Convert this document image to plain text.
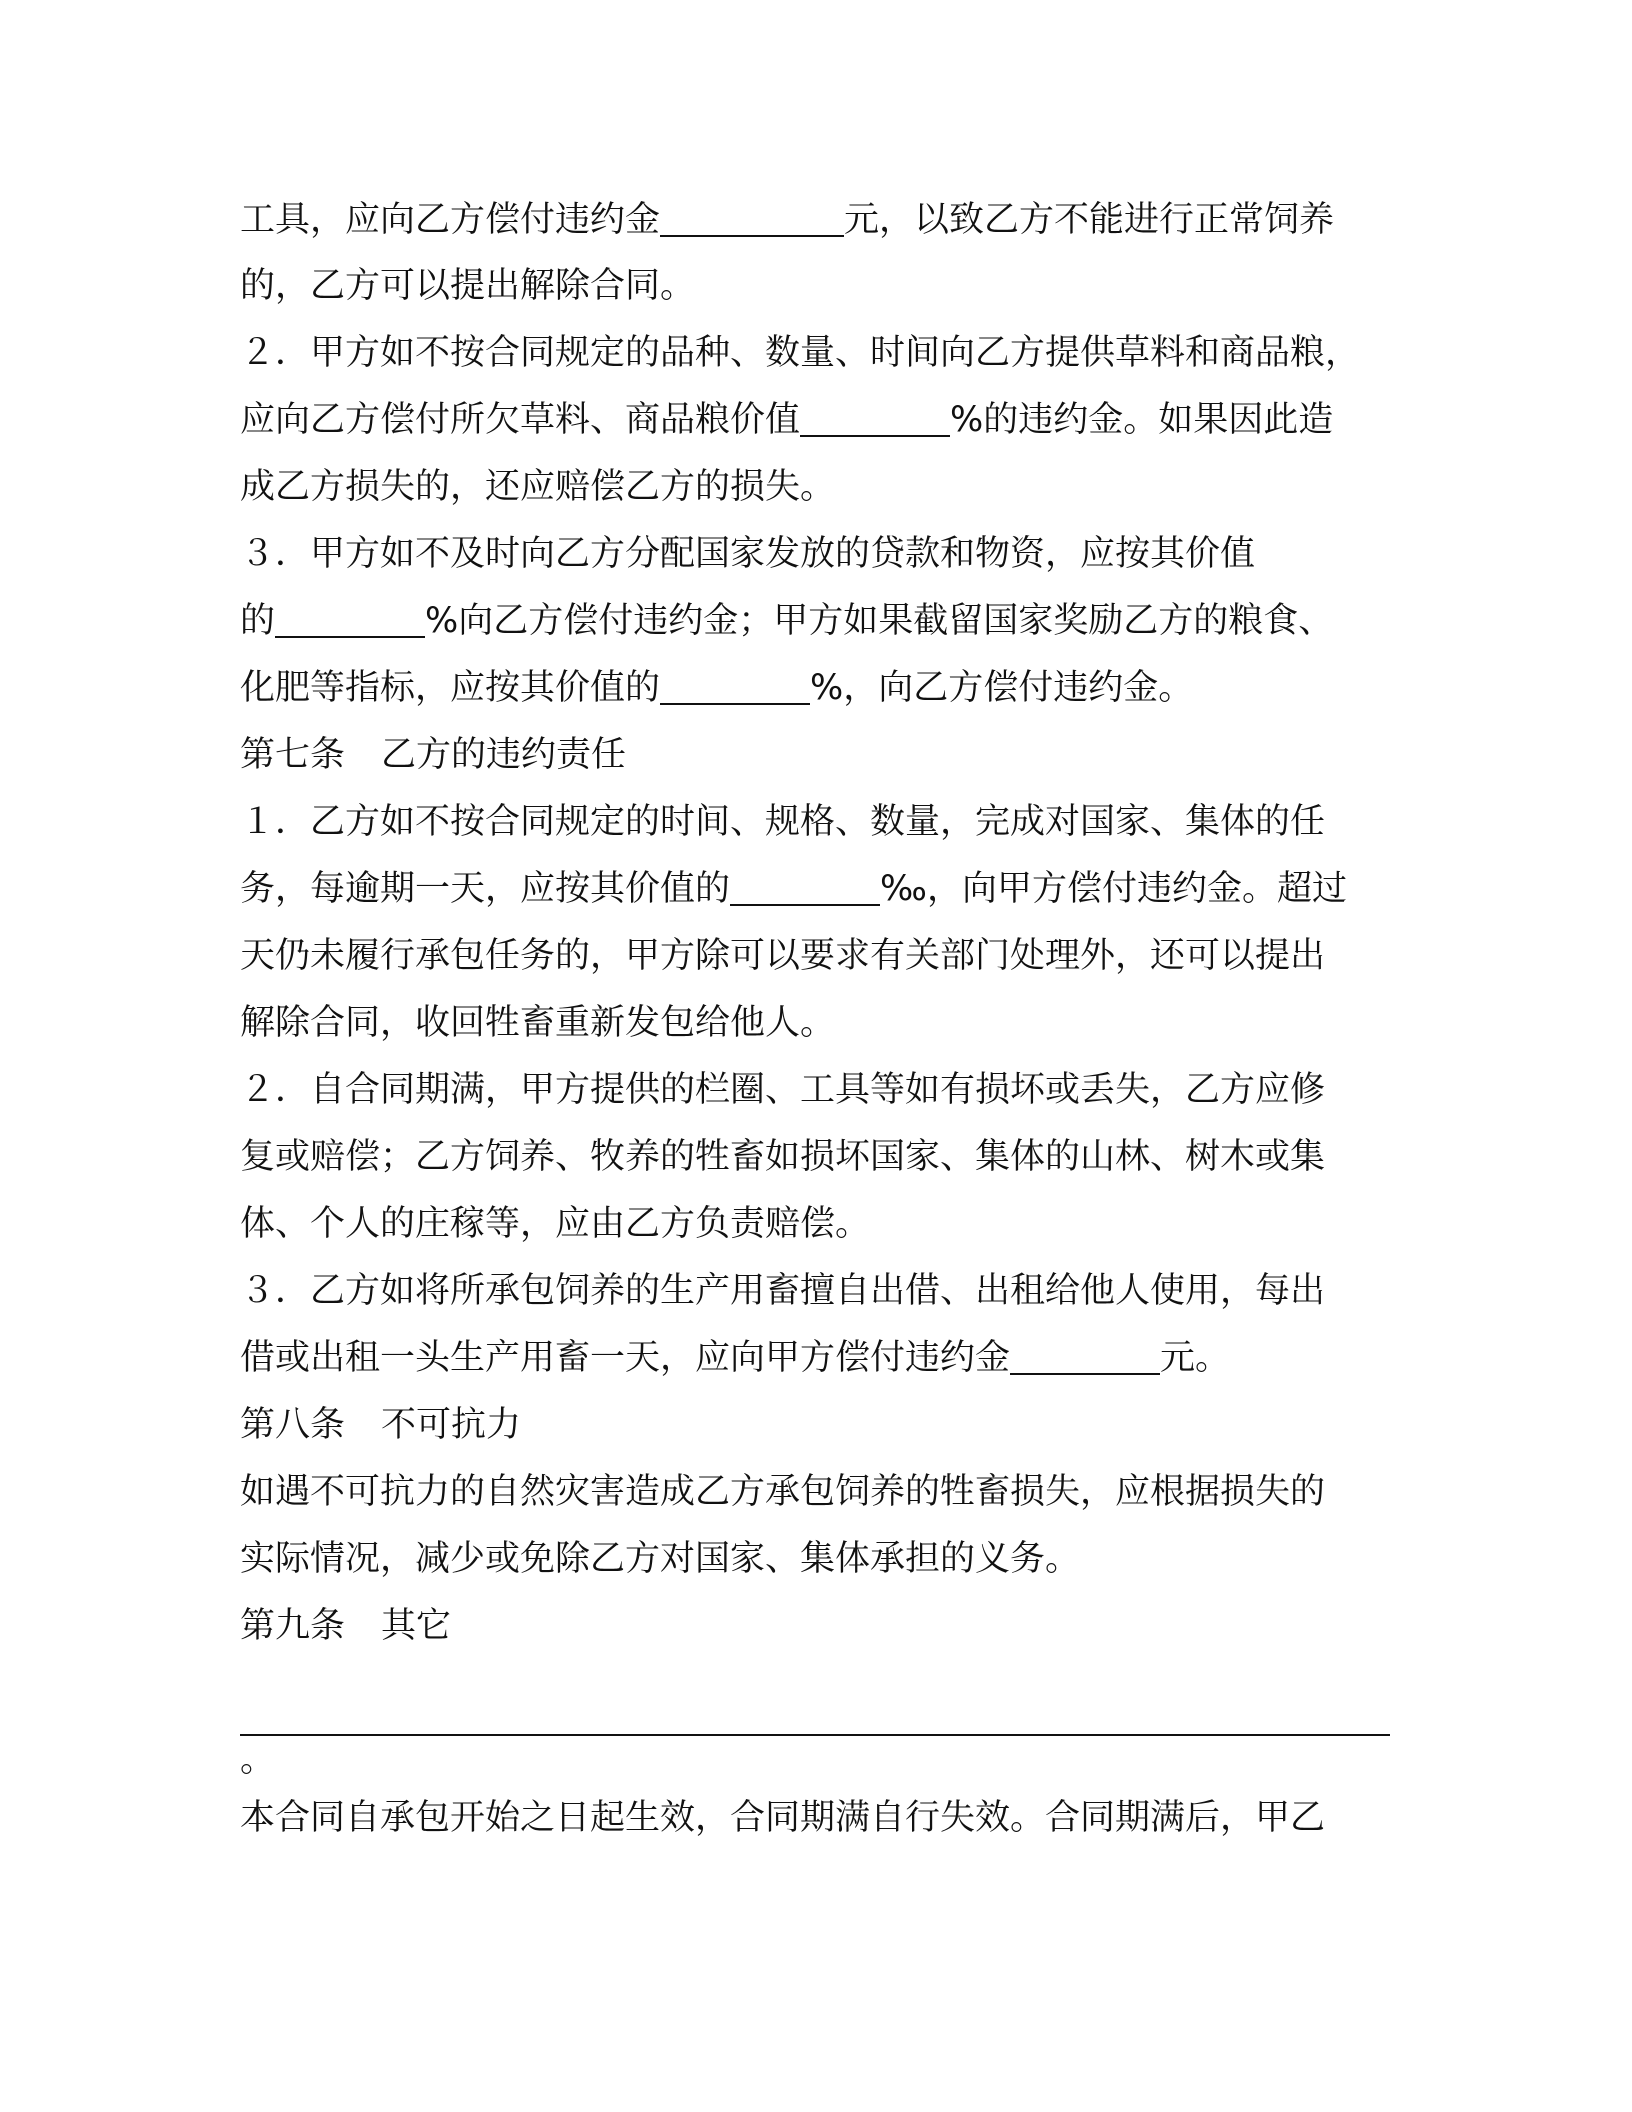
工具，应向乙方偿付违约金	元，以致乙方不能进行正常饲养
的，乙方可以提出解除合同。
２．甲方如不按合同规定的品种、数量、时间向乙方提供草料和商品粮，
应向乙方偿付所欠草料、商品粮价值	%的违约金。如果因此造
成乙方损失的，还应赔偿乙方的损失。
３．甲方如不及时向乙方分配国家发放的贷款和物资，应按其价值
的	%向乙方偿付违约金；甲方如果截留国家奖励乙方的粮食、
化肥等指标，应按其价值的	%，向乙方偿付违约金。
第七条 乙方的违约责任
１．乙方如不按合同规定的时间、规格、数量，完成对国家、集体的任
务，每逾期一天，应按其价值的	‰，向甲方偿付违约金。超过
天仍未履行承包任务的，甲方除可以要求有关部门处理外，还可以提出
解除合同，收回牲畜重新发包给他人。
２．自合同期满，甲方提供的栏圈、工具等如有损坏或丢失，乙方应修
复或赔偿；乙方饲养、牧养的牲畜如损坏国家、集体的山林、树木或集
体、个人的庄稼等，应由乙方负责赔偿。
３．乙方如将所承包饲养的生产用畜擅自出借、出租给他人使用，每出
借或出租一头生产用畜一天，应向甲方偿付违约金	元。
第八条 不可抗力
如遇不可抗力的自然灾害造成乙方承包饲养的牲畜损失，应根据损失的
实际情况，减少或免除乙方对国家、集体承担的义务。
第九条 其它
。
本合同自承包开始之日起生效，合同期满自行失效。合同期满后，甲乙
